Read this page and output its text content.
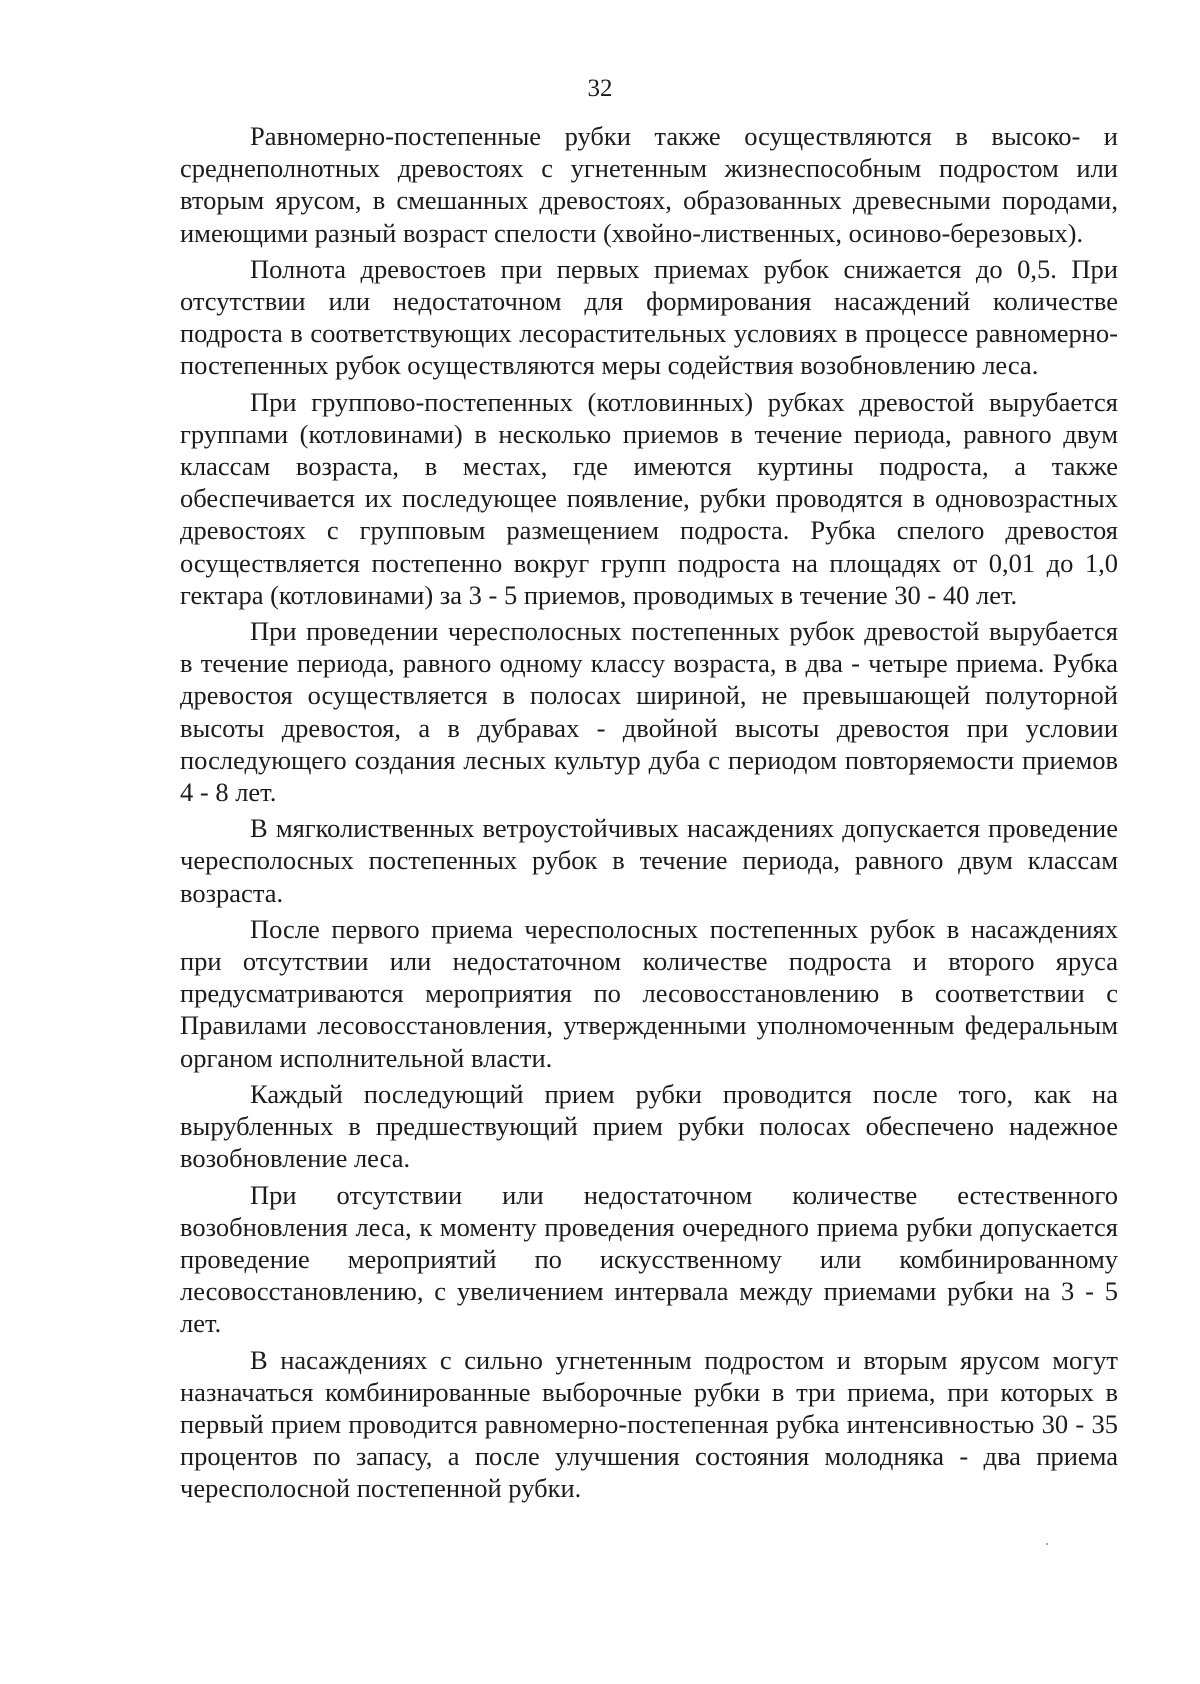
32

Равномерно-постепенные рубки также осуществляются в высоко- и среднеполнотных древостоях с угнетенным жизнеспособным подростом или вторым ярусом, в смешанных древостоях, образованных древесными породами, имеющими разный возраст спелости (хвойно-лиственных, осиново-березовых).

Полнота древостоев при первых приемах рубок снижается до 0,5. При отсутствии или недостаточном для формирования насаждений количестве подроста в соответствующих лесорастительных условиях в процессе равномерно-постепенных рубок осуществляются меры содействия возобновлению леса.

При группово-постепенных (котловинных) рубках древостой вырубается группами (котловинами) в несколько приемов в течение периода, равного двум классам возраста, в местах, где имеются куртины подроста, а также обеспечивается их последующее появление, рубки проводятся в одновозрастных древостоях с групповым размещением подроста. Рубка спелого древостоя осуществляется постепенно вокруг групп подроста на площадях от 0,01 до 1,0 гектара (котловинами) за 3 - 5 приемов, проводимых в течение 30 - 40 лет.

При проведении чересполосных постепенных рубок древостой вырубается в течение периода, равного одному классу возраста, в два - четыре приема. Рубка древостоя осуществляется в полосах шириной, не превышающей полуторной высоты древостоя, а в дубравах - двойной высоты древостоя при условии последующего создания лесных культур дуба с периодом повторяемости приемов 4 - 8 лет.

В мягколиственных ветроустойчивых насаждениях допускается проведение чересполосных постепенных рубок в течение периода, равного двум классам возраста.

После первого приема чересполосных постепенных рубок в насаждениях при отсутствии или недостаточном количестве подроста и второго яруса предусматриваются мероприятия по лесовосстановлению в соответствии с Правилами лесовосстановления, утвержденными уполномоченным федеральным органом исполнительной власти.

Каждый последующий прием рубки проводится после того, как на вырубленных в предшествующий прием рубки полосах обеспечено надежное возобновление леса.

При отсутствии или недостаточном количестве естественного возобновления леса, к моменту проведения очередного приема рубки допускается проведение мероприятий по искусственному или комбинированному лесовосстановлению, с увеличением интервала между приемами рубки на 3 - 5 лет.

В насаждениях с сильно угнетенным подростом и вторым ярусом могут назначаться комбинированные выборочные рубки в три приема, при которых в первый прием проводится равномерно-постепенная рубка интенсивностью 30 - 35 процентов по запасу, а после улучшения состояния молодняка - два приема чересполосной постепенной рубки.
